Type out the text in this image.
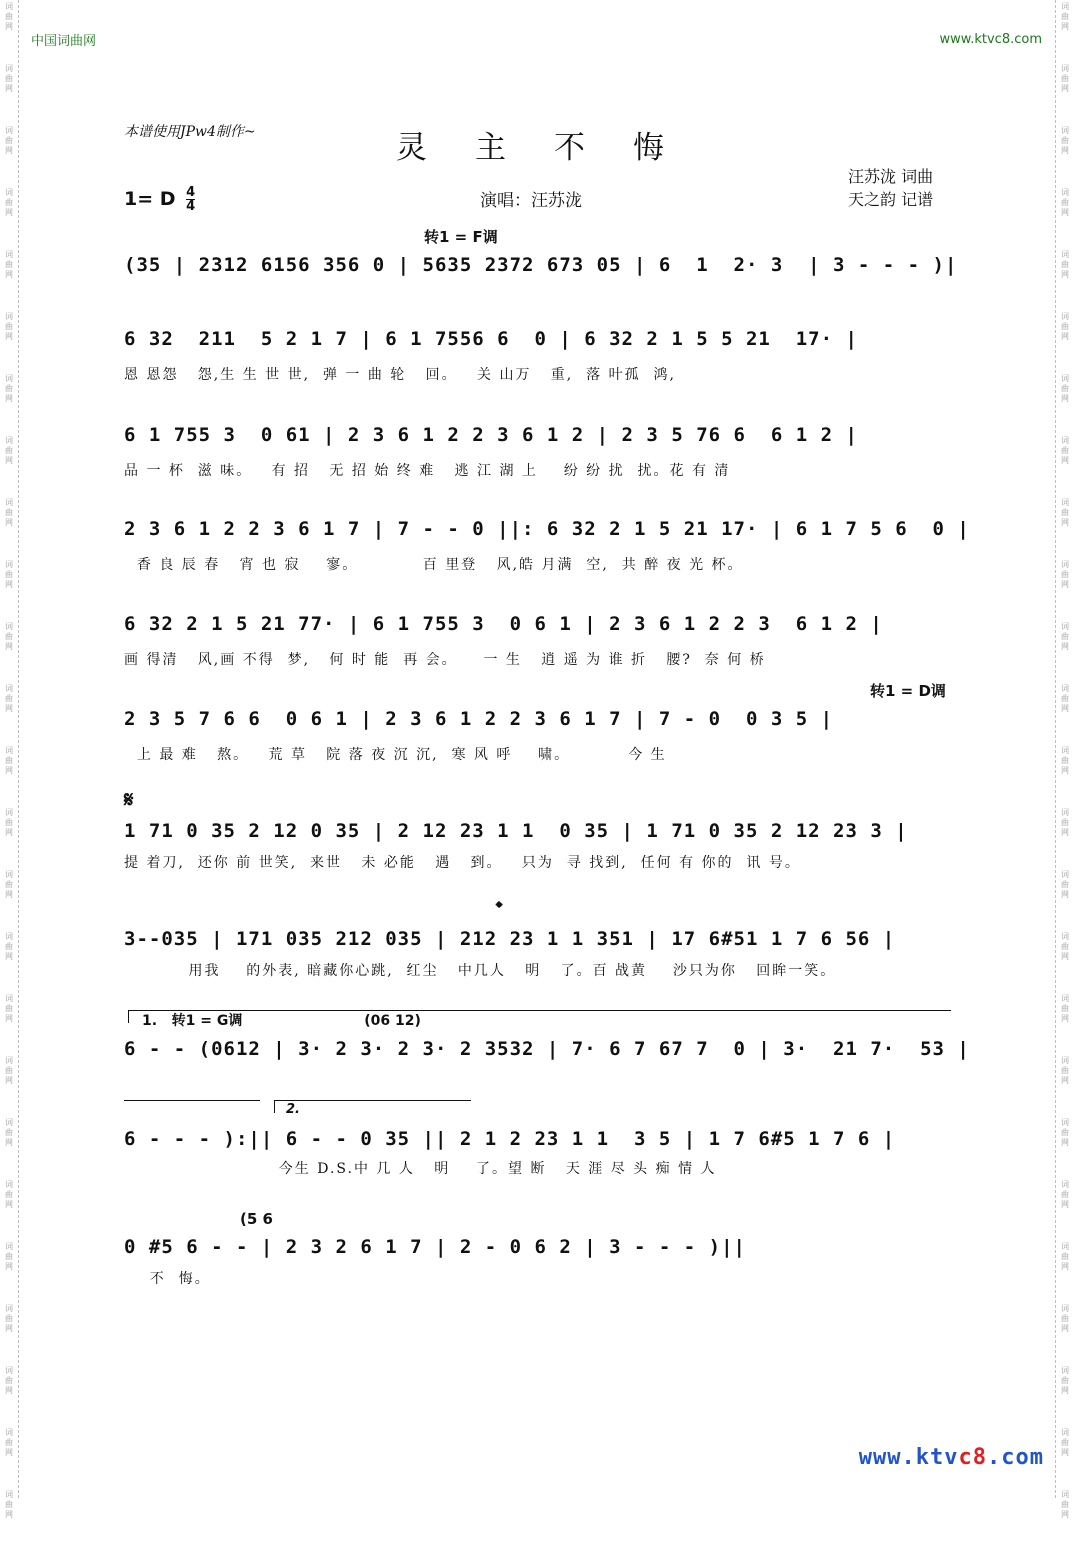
词
曲
网
词
曲
网
词
曲
网
词
曲
网
词
曲
网
词
曲
网
词
曲
网
词
曲
网
词
曲
网
词
曲
网
词
曲
网
词
曲
网
词
曲
网
词
曲
网
词
曲
网
词
曲
网
词
曲
网
词
曲
网
词
曲
网
词
曲
网
词
曲
网
词
曲
网
词
曲
网
词
曲
网
词
曲
网
词
曲
网
词
曲
网
词
曲
网
词
曲
网
词
曲
网
词
曲
网
词
曲
网
词
曲
网
词
曲
网
词
曲
网
词
曲
网
词
曲
网
词
曲
网
词
曲
网
词
曲
网
词
曲
网
词
曲
网
词
曲
网
词
曲
网
词
曲
网
词
曲
网
词
曲
网
词
曲
网
词
曲
网
词
曲
网
中国词曲网	www.ktvc8.com
本谱使用JPw4制作~	灵主不悔
汪苏泷 词曲
天之韵 记谱
演唱：汪苏泷
1= D $\frac{4}{4}$
转1 = F调
(35 | 2312 6156 356 0 | 5635 2372 673 05 | 6  1  2· 3  | 3 - - - )|
6 32  211  5 2 1 7 | 6 1 7556 6  0 | 6 32 2 1 5 5 21  17· |
恩 恩怨   怨,生 生 世 世,  弹 一 曲 轮   回。   关 山万   重,  落 叶孤  鸿,
6 1 755 3  0 61 | 2 3 6 1 2 2 3 6 1 2 | 2 3 5 76 6  6 1 2 |
品 一 杯  滋 味。   有 招   无 招 始 终 难   逃 江 湖 上    纷 纷 扰  扰。花 有 清
2 3 6 1 2 2 3 6 1 7 | 7 - - 0 ||: 6 32 2 1 5 21 17· | 6 1 7 5 6  0 |
香 良 辰 春   宵 也 寂    寥。          百 里登   风,皓 月满  空,  共 醉 夜 光 杯。
6 32 2 1 5 21 77· | 6 1 755 3  0 6 1 | 2 3 6 1 2 2 3  6 1 2 |
画 得清   风,画 不得  梦,   何 时 能  再 会。    一 生   逍 遥 为 谁 折   腰?  奈 何 桥
转1 = D调
2 3 5 7 6 6  0 6 1 | 2 3 6 1 2 2 3 6 1 7 | 7 - 0  0 3 5 |
上 最 难   熬。   荒 草   院 落 夜 沉 沉,  寒 风 呼    啸。         今 生
𝄋
1 71 0 35 2 12 0 35 | 2 12 23 1 1  0 35 | 1 71 0 35 2 12 23 3 |
提 着刀,  还你 前 世笑,  来世   未 必能   遇   到。   只为  寻 找到,  任何 有 你的  讯 号。
𝄌
3--035 | 171 035 212 035 | 212 23 1 1 351 | 17 6#51 1 7 6 56 |
用我    的外表, 暗藏你心跳,  红尘   中几人   明   了。百 战黄    沙只为你   回眸一笑。
1.   转1 = G调                         (06 12)
6 - - (0612 | 3· 2 3· 2 3· 2 3532 | 7· 6 7 67 7  0 | 3·  21 7·  53 |
2.
6 - - - ):|| 6 - - 0 35 || 2 1 2 23 1 1  3 5 | 1 7 6#5 1 7 6 |
今生 D.S.中 几 人   明    了。望 断   天 涯 尽 头 痴 情 人
(5 6
0 #5 6 - - | 2 3 2 6 1 7 | 2 - 0 6 2 | 3 - - - )||
不  悔。
www.ktvc8.com
